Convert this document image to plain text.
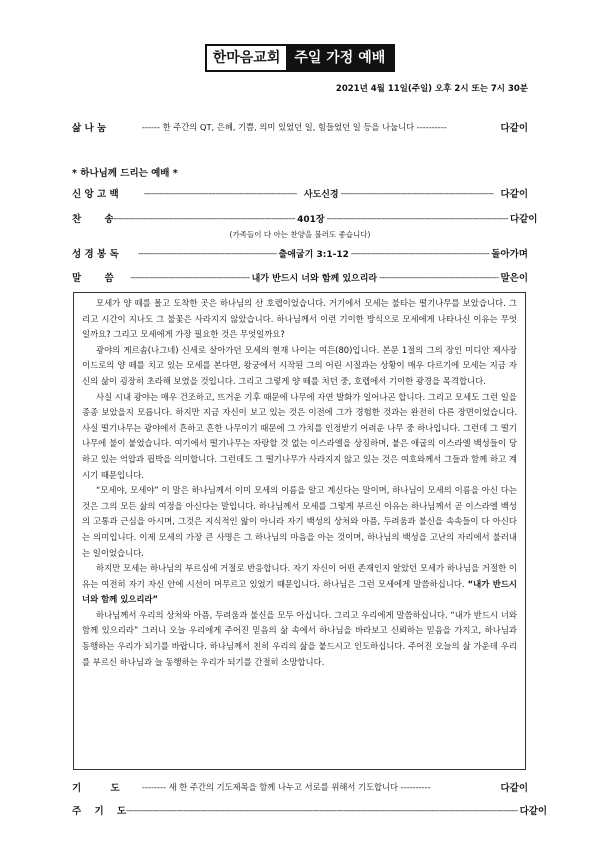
한마음교회	주일 가정 예배
2021년 4월 11일(주일) 오후 2시 또는 7시 30분
삶 나 눔	------ 한 주간의 QT, 은혜, 기쁨, 의미 있었던 일, 힘들었던 일 등을 나눕니다 ----------	다같이
* 하나님께 드리는 예배 *
신 앙 고 백	---------------------------------------------------------------- 사도신경 ---------------------------------------------------------------- 다같이
찬 송 ---------------------------------------------------------------------------- 401장 ---------------------------------------------------------------------------- 다같이
(가족들이 다 아는 찬양을 불러도 좋습니다)
성 경 봉 독	---------------------------------------------------------- 출애굽기 3:1-12 ---------------------------------------------------------- 돌아가며
말 씀	-------------------------------------------------- 내가 반드시 너와 함께 있으리라 -------------------------------------------------- 말은이

모세가 양 떼를 몰고 도착한 곳은 하나님의 산 호렙이었습니다. 거기에서 모세는 불타는 떨기나무를 보았습니다. 그리고 시간이 지나도 그 불꽃은 사라지지 않았습니다. 하나님께서 이런 기이한 방식으로 모세에게 나타나신 이유는 무엇일까요? 그리고 모세에게 가장 필요한 것은 무엇일까요?

광야의 게르솜(나그네) 신세로 살아가던 모세의 현재 나이는 여든(80)입니다. 본문 1절의 그의 장인 미디안 제사장 이드로의 양 떼를 치고 있는 모세를 본다면, 왕궁에서 시작된 그의 어린 시절과는 상황이 매우 다르기에 모세는 지금 자신의 삶이 굉장히 초라해 보였을 것입니다. 그리고 그렇게 양 떼를 치던 중, 호렙에서 기이한 광경을 목격합니다.

사실 시내 광야는 매우 건조하고, 뜨거운 기후 때문에 나무에 자연 발화가 일어나곤 합니다. 그리고 모세도 그런 일을 종종 보았을지 모릅니다. 하지만 지금 자신이 보고 있는 것은 이전에 그가 경험한 것과는 완전히 다른 장면이었습니다. 사실 떨기나무는 광야에서 흔하고 흔한 나무이기 때문에 그 가치를 인정받기 어려운 나무 중 하나입니다. 그런데 그 떨기나무에 불이 붙었습니다. 여기에서 떨기나무는 자랑할 것 없는 이스라엘을 상징하며, 붙은 애굽의 이스라엘 백성들이 당하고 있는 억압과 핍박을 의미합니다. 그런데도 그 떨기나무가 사라지지 않고 있는 것은 여호와께서 그들과 함께 하고 계시기 때문입니다.

“모세야, 모세야” 이 말은 하나님께서 이미 모세의 이름을 알고 계신다는 말이며, 하나님이 모세의 이름을 아신 다는 것은 그의 모든 삶의 여정을 아신다는 말입니다. 하나님께서 모세를 그렇게 부르신 이유는 하나님께서 곧 이스라엘 백성의 고통과 근심을 아시며, 그것은 지식적인 앎이 아니라 자기 백성의 상처와 아픔, 두려움과 불신을 속속들이 다 아신다는 의미입니다. 이제 모세의 가장 큰 사명은 그 하나님의 마음을 아는 것이며, 하나님의 백성을 고난의 자리에서 불러내는 일이었습니다.

하지만 모세는 하나님의 부르심에 거절로 반응합니다. 자기 자신이 어떤 존재인지 알았던 모세가 하나님을 거절한 이유는 여전히 자기 자신 안에 시선이 머무르고 있었기 때문입니다. 하나님은 그런 모세에게 말씀하십니다. “내가 반드시 너와 함께 있으리라”

하나님께서 우리의 상처와 아픔, 두려움과 불신을 모두 아십니다. 그리고 우리에게 말씀하십니다. “내가 반드시 너와 함께 있으리라” 그러니 오늘 우리에게 주어진 믿음의 삶 속에서 하나님을 바라보고 신뢰하는 믿음을 가지고, 하나님과 동행하는 우리가 되기를 바랍니다. 하나님께서 친히 우리의 삶을 붙드시고 인도하십니다. 주어진 오늘의 삶 가운데 우리를 부르신 하나님과 늘 동행하는 우리가 되기를 간절히 소망합니다.

기 도	-------- 새 한 주간의 기도제목을 함께 나누고 서로를 위해서 기도합니다 ----------	다같이
주 기 도 -------------------------------------------------------------------------------------------------------------------------------------------------------------------- 다같이
